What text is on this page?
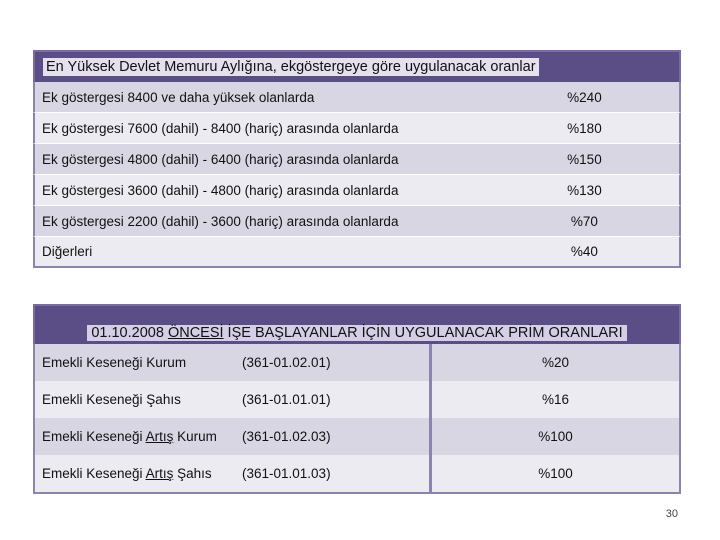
En Yüksek Devlet Memuru Aylığına, ekgöstergeye göre uygulanacak oranlar
Ek göstergesi 8400 ve daha yüksek olanlarda	%240
Ek göstergesi 7600 (dahil) - 8400 (hariç) arasında olanlarda	%180
Ek göstergesi 4800 (dahil) - 6400 (hariç) arasında olanlarda	%150
Ek göstergesi 3600 (dahil) - 4800 (hariç) arasında olanlarda	%130
Ek göstergesi 2200 (dahil) - 3600 (hariç) arasında olanlarda	%70
Diğerleri	%40
01.10.2008 ÖNCESİ İŞE BAŞLAYANLAR İÇİN UYGULANACAK PRİM ORANLARI
Emekli Keseneği Kurum	(361-01.02.01)	%20
Emekli Keseneği Şahıs	(361-01.01.01)	%16
Emekli Keseneği Artış Kurum	(361-01.02.03)	%100
Emekli Keseneği Artış Şahıs	(361-01.01.03)	%100
30
